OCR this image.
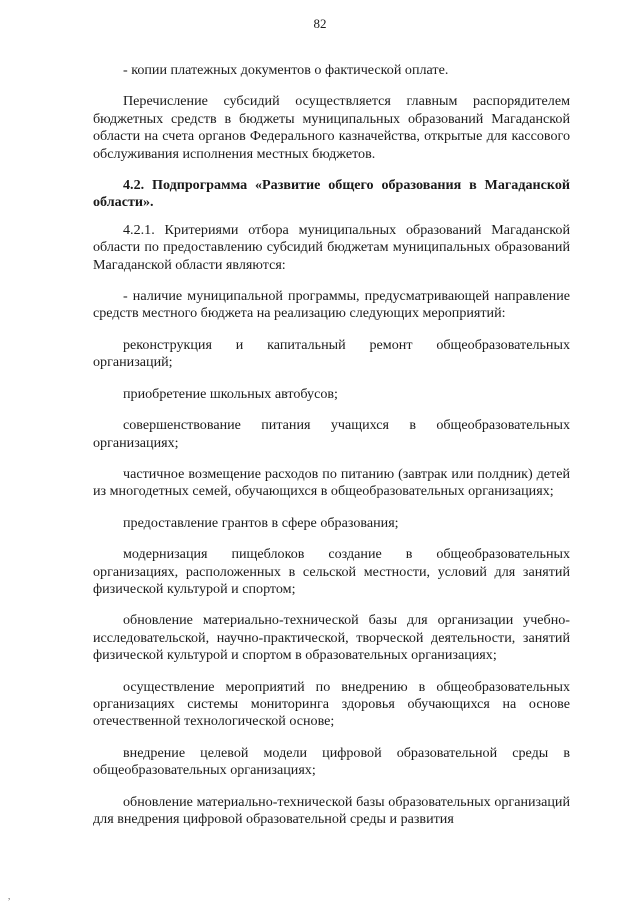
82

- копии платежных документов о фактической оплате.

Перечисление субсидий осуществляется главным распорядителем бюджетных средств в бюджеты муниципальных образований Магаданской области на счета органов Федерального казначейства, открытые для кассового обслуживания исполнения местных бюджетов.

4.2. Подпрограмма «Развитие общего образования в Магаданской области».

4.2.1. Критериями отбора муниципальных образований Магаданской области по предоставлению субсидий бюджетам муниципальных образований Магаданской области являются:

- наличие муниципальной программы, предусматривающей направление средств местного бюджета на реализацию следующих мероприятий:

реконструкция и капитальный ремонт общеобразовательных организаций;

приобретение школьных автобусов;

совершенствование питания учащихся в общеобразовательных организациях;

частичное возмещение расходов по питанию (завтрак или полдник) детей из многодетных семей, обучающихся в общеобразовательных организациях;

предоставление грантов в сфере образования;

модернизация пищеблоков создание в общеобразовательных организациях, расположенных в сельской местности, условий для занятий физической культурой и спортом;

обновление материально-технической базы для организации учебно-исследовательской, научно-практической, творческой деятельности, занятий физической культурой и спортом в образовательных организациях;

осуществление мероприятий по внедрению в общеобразовательных организациях системы мониторинга здоровья обучающихся на основе отечественной технологической основе;

внедрение целевой модели цифровой образовательной среды в общеобразовательных организациях;

обновление материально-технической базы образовательных организаций для внедрения цифровой образовательной среды и развития

,
